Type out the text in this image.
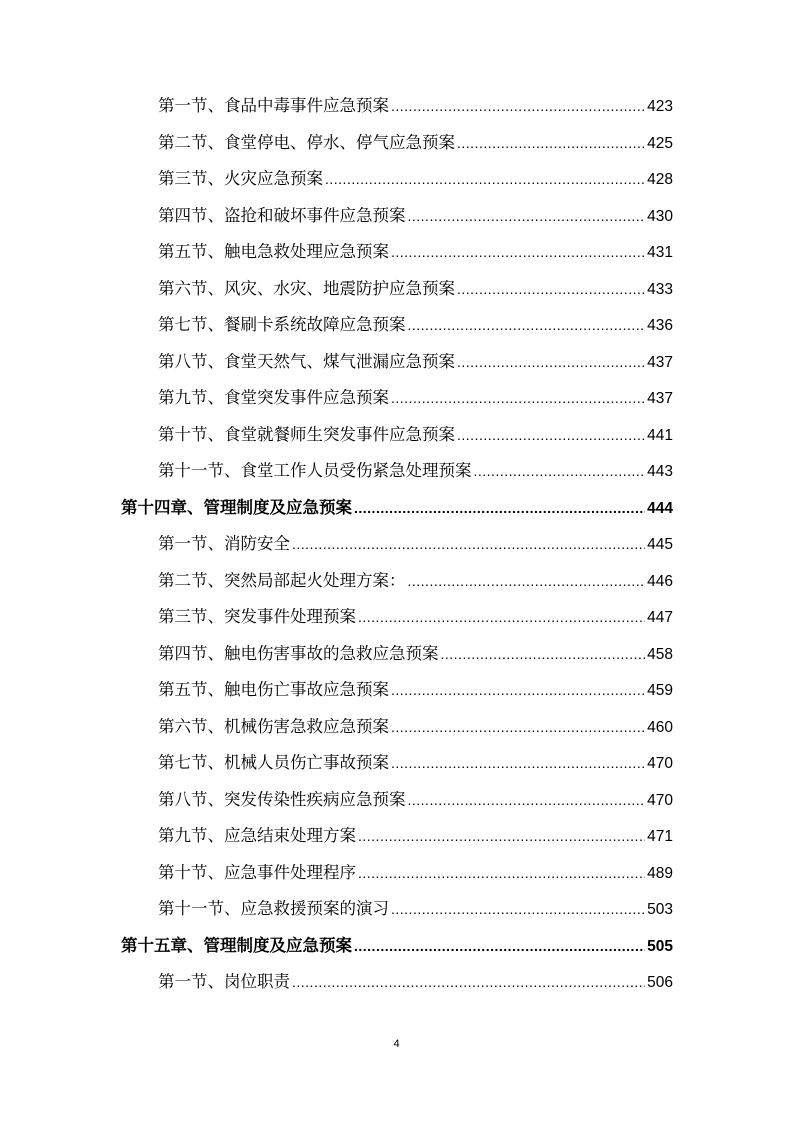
第一节、食品中毒事件应急预案 .....	423
第二节、食堂停电、停水、停气应急预案 .....	425
第三节、火灾应急预案 .....	428
第四节、盗抢和破坏事件应急预案 .....	430
第五节、触电急救处理应急预案 .....	431
第六节、风灾、水灾、地震防护应急预案 .....	433
第七节、餐刷卡系统故障应急预案 .....	436
第八节、食堂天然气、煤气泄漏应急预案 .....	437
第九节、食堂突发事件应急预案 .....	437
第十节、食堂就餐师生突发事件应急预案 .....	441
第十一节、食堂工作人员受伤紧急处理预案 .....	443
第十四章、管理制度及应急预案 .....	444
第一节、消防安全 .....	445
第二节、突然局部起火处理方案： .....	446
第三节、突发事件处理预案 .....	447
第四节、触电伤害事故的急救应急预案 .....	458
第五节、触电伤亡事故应急预案 .....	459
第六节、机械伤害急救应急预案 .....	460
第七节、机械人员伤亡事故预案 .....	470
第八节、突发传染性疾病应急预案 .....	470
第九节、应急结束处理方案 .....	471
第十节、应急事件处理程序 .....	489
第十一节、应急救援预案的演习 .....	503
第十五章、管理制度及应急预案 .....	505
第一节、岗位职责 .....	506
4
